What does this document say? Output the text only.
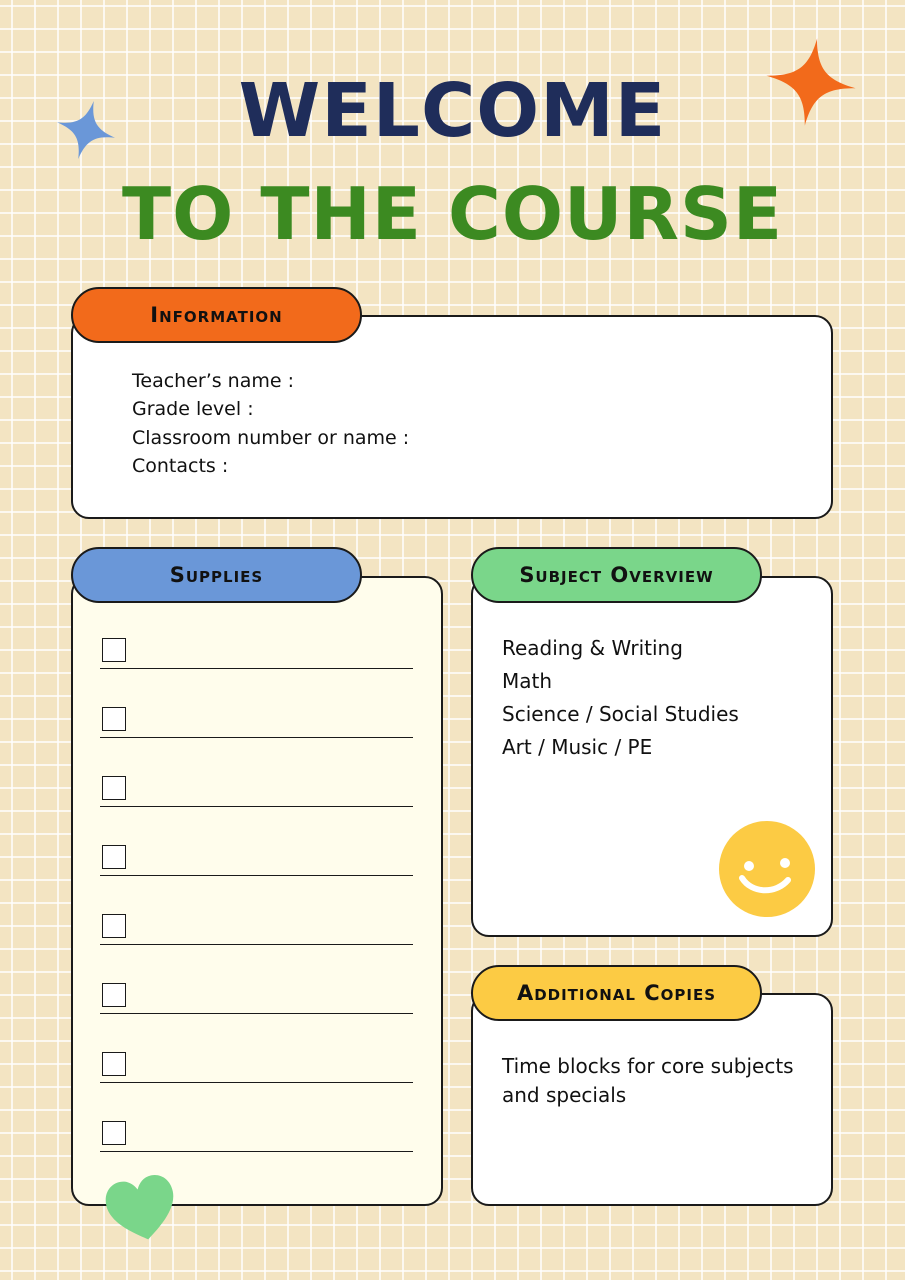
WELCOME
TO THE COURSE
Information

Teacher’s name :

Grade level :

Classroom number or name :

Contacts :

Supplies	Subject Overview

Reading & Writing

Math

Science / Social Studies

Art / Music / PE

Additional Copies

Time blocks for core subjects

and specials
